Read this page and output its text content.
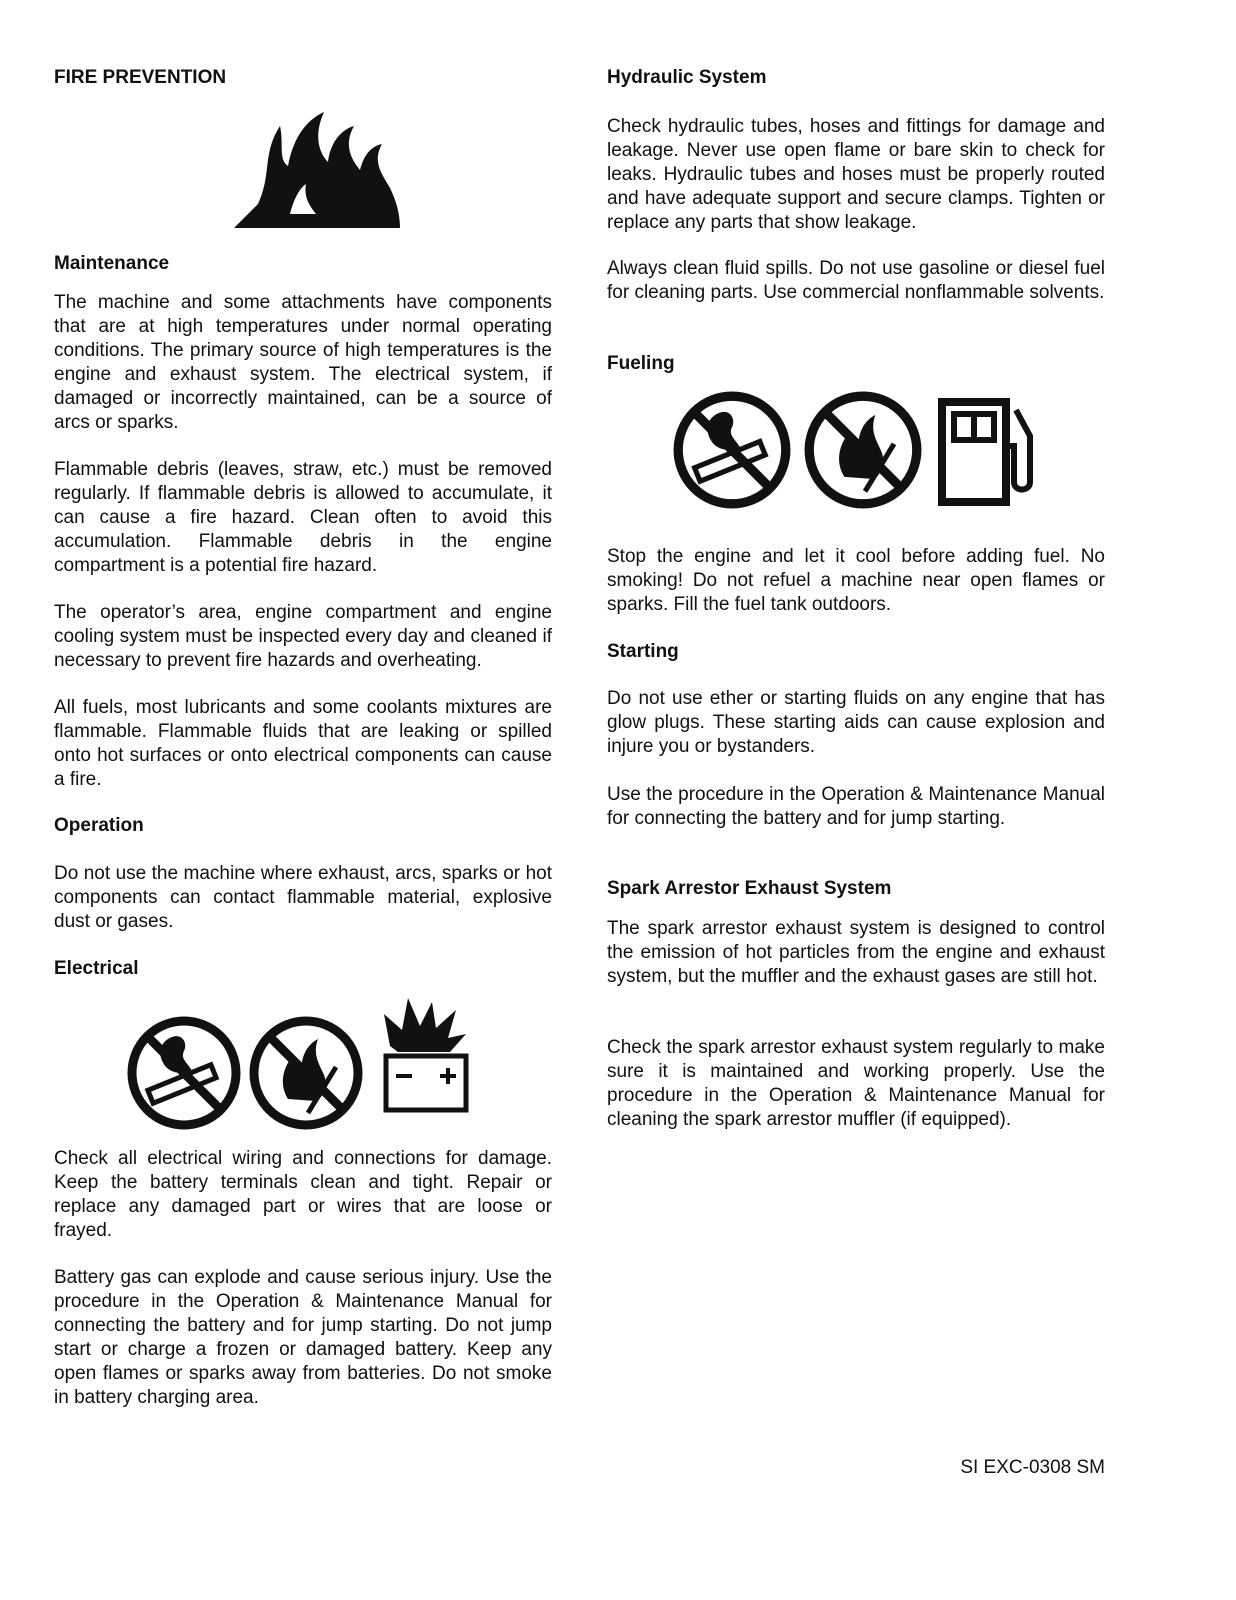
FIRE PREVENTION
Maintenance

The machine and some attachments have components that are at high temperatures under normal operating conditions. The primary source of high temperatures is the engine and exhaust system. The electrical system, if damaged or incorrectly maintained, can be a source of arcs or sparks.

Flammable debris (leaves, straw, etc.) must be removed regularly. If flammable debris is allowed to accumulate, it can cause a fire hazard. Clean often to avoid this accumulation. Flammable debris in the engine compartment is a potential fire hazard.

The operator’s area, engine compartment and engine cooling system must be inspected every day and cleaned if necessary to prevent fire hazards and overheating.

All fuels, most lubricants and some coolants mixtures are flammable. Flammable fluids that are leaking or spilled onto hot surfaces or onto electrical components can cause a fire.

Operation

Do not use the machine where exhaust, arcs, sparks or hot components can contact flammable material, explosive dust or gases.

Electrical

Check all electrical wiring and connections for damage. Keep the battery terminals clean and tight. Repair or replace any damaged part or wires that are loose or frayed.

Battery gas can explode and cause serious injury. Use the procedure in the Operation & Maintenance Manual for connecting the battery and for jump starting. Do not jump start or charge a frozen or damaged battery. Keep any open flames or sparks away from batteries. Do not smoke in battery charging area.

Hydraulic System

Check hydraulic tubes, hoses and fittings for damage and leakage. Never use open flame or bare skin to check for leaks. Hydraulic tubes and hoses must be properly routed and have adequate support and secure clamps. Tighten or replace any parts that show leakage.

Always clean fluid spills. Do not use gasoline or diesel fuel for cleaning parts. Use commercial nonflammable solvents.

Fueling

Stop the engine and let it cool before adding fuel. No smoking! Do not refuel a machine near open flames or sparks. Fill the fuel tank outdoors.

Starting

Do not use ether or starting fluids on any engine that has glow plugs. These starting aids can cause explosion and injure you or bystanders.

Use the procedure in the Operation & Maintenance Manual for connecting the battery and for jump starting.

Spark Arrestor Exhaust System

The spark arrestor exhaust system is designed to control the emission of hot particles from the engine and exhaust system, but the muffler and the exhaust gases are still hot.

Check the spark arrestor exhaust system regularly to make sure it is maintained and working properly. Use the procedure in the Operation & Maintenance Manual for cleaning the spark arrestor muffler (if equipped).

SI EXC-0308 SM
